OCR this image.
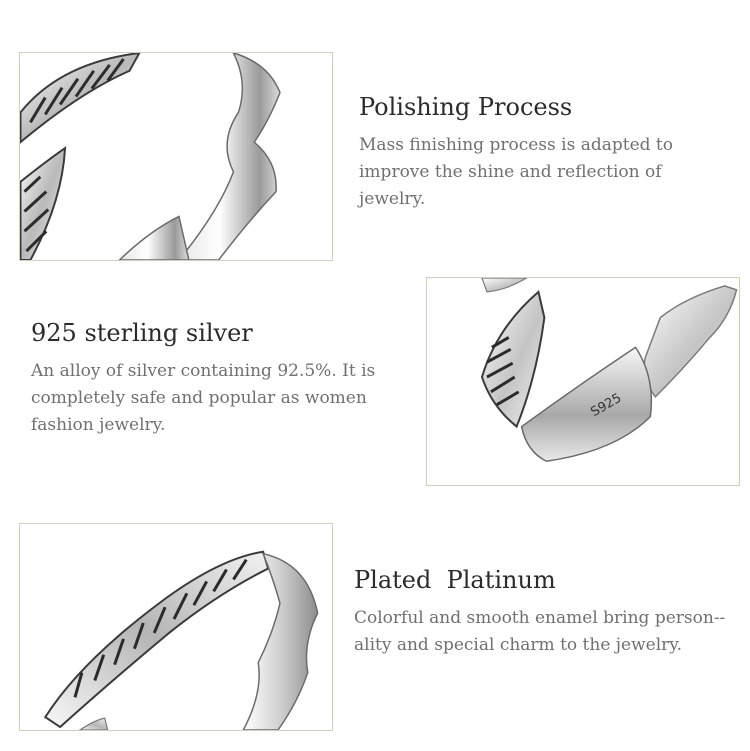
Polishing Process

Mass finishing process is adapted to improve the shine and reflection of jewelry.

925 sterling silver

An alloy of silver containing 92.5%. It is completely safe and popular as women fashion jewelry.

S925
Plated  Platinum

Colorful and smooth enamel bring person--ality and special charm to the jewelry.
